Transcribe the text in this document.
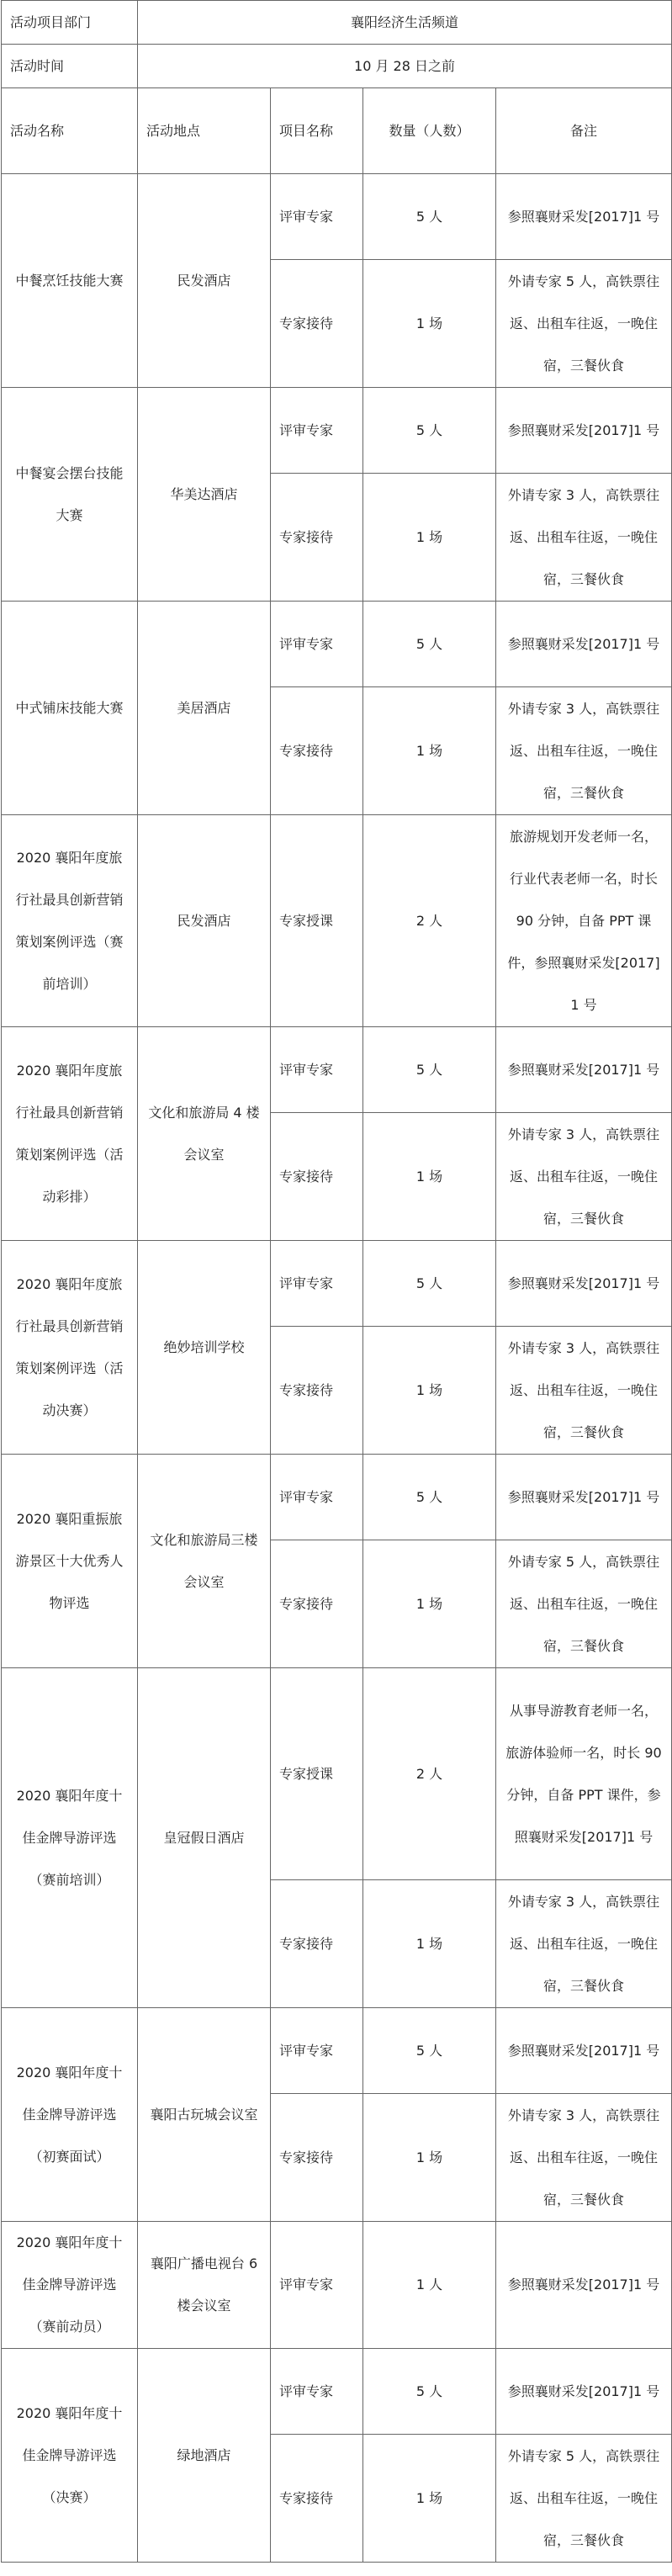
活动项目部门	襄阳经济生活频道			
活动时间	10 月 28 日之前			
活动名称	活动地点	项目名称	数量（人数）	备注
中餐烹饪技能大赛	民发酒店	评审专家	5 人	参照襄财采发[2017]1 号
		专家接待	1 场	外请专家 5 人，高铁票往返、出租车往返，一晚住宿，三餐伙食
中餐宴会摆台技能大赛	华美达酒店	评审专家	5 人	参照襄财采发[2017]1 号
		专家接待	1 场	外请专家 3 人，高铁票往返、出租车往返，一晚住宿，三餐伙食
中式铺床技能大赛	美居酒店	评审专家	5 人	参照襄财采发[2017]1 号
		专家接待	1 场	外请专家 3 人，高铁票往返、出租车往返，一晚住宿，三餐伙食
2020 襄阳年度旅行社最具创新营销策划案例评选（赛前培训）	民发酒店	专家授课	2 人	旅游规划开发老师一名，行业代表老师一名，时长 90 分钟，自备 PPT 课件，参照襄财采发[2017]1 号
2020 襄阳年度旅行社最具创新营销策划案例评选（活动彩排）	文化和旅游局 4 楼会议室	评审专家	5 人	参照襄财采发[2017]1 号
		专家接待	1 场	外请专家 3 人，高铁票往返、出租车往返，一晚住宿，三餐伙食
2020 襄阳年度旅行社最具创新营销策划案例评选（活动决赛）	绝妙培训学校	评审专家	5 人	参照襄财采发[2017]1 号
		专家接待	1 场	外请专家 3 人，高铁票往返、出租车往返，一晚住宿，三餐伙食
2020 襄阳重振旅游景区十大优秀人物评选	文化和旅游局三楼会议室	评审专家	5 人	参照襄财采发[2017]1 号
		专家接待	1 场	外请专家 5 人，高铁票往返、出租车往返，一晚住宿，三餐伙食
2020 襄阳年度十佳金牌导游评选（赛前培训）	皇冠假日酒店	专家授课	2 人	从事导游教育老师一名，旅游体验师一名，时长 90 分钟，自备 PPT 课件，参照襄财采发[2017]1 号
		专家接待	1 场	外请专家 3 人，高铁票往返、出租车往返，一晚住宿，三餐伙食
2020 襄阳年度十佳金牌导游评选（初赛面试）	襄阳古玩城会议室	评审专家	5 人	参照襄财采发[2017]1 号
		专家接待	1 场	外请专家 3 人，高铁票往返、出租车往返，一晚住宿，三餐伙食
2020 襄阳年度十佳金牌导游评选（赛前动员）	襄阳广播电视台 6 楼会议室	评审专家	1 人	参照襄财采发[2017]1 号
2020 襄阳年度十佳金牌导游评选（决赛）	绿地酒店	评审专家	5 人	参照襄财采发[2017]1 号
		专家接待	1 场	外请专家 5 人，高铁票往返、出租车往返，一晚住宿，三餐伙食
